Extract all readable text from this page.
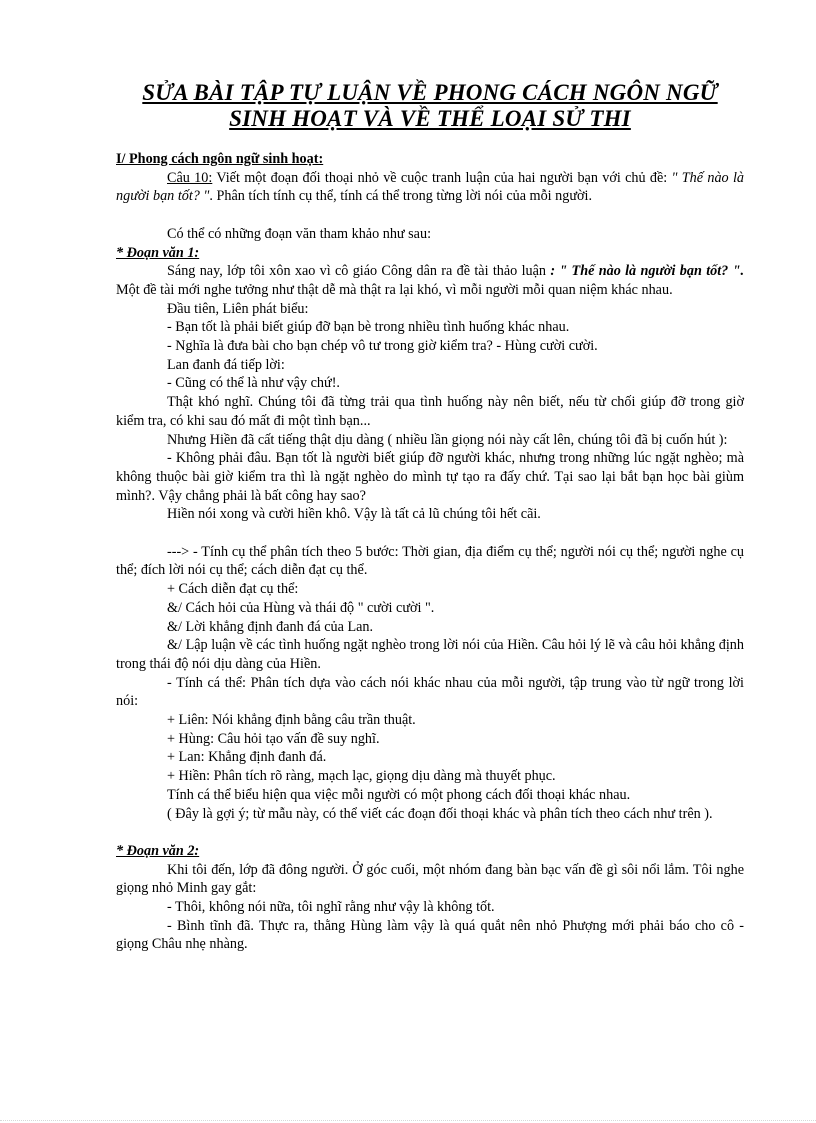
SỬA BÀI TẬP TỰ LUẬN VỀ PHONG CÁCH NGÔN NGỮ
SINH HOẠT VÀ VỀ THỂ LOẠI SỬ THI

I/ Phong cách ngôn ngữ sinh hoạt:

Câu 10: Viết một đoạn đối thoại nhỏ về cuộc tranh luận của hai người bạn với chủ đề: " Thế nào là người bạn tốt? ". Phân tích tính cụ thể, tính cá thể trong từng lời nói của mỗi người.

Có thể có những đoạn văn tham khảo như sau:

* Đoạn văn 1:

Sáng nay, lớp tôi xôn xao vì cô giáo Công dân ra đề tài thảo luận : " Thế nào là người bạn tốt? ". Một đề tài mới nghe tưởng như thật dễ mà thật ra lại khó, vì mỗi người mỗi quan niệm khác nhau.

Đầu tiên, Liên phát biểu:

- Bạn tốt là phải biết giúp đỡ bạn bè trong nhiều tình huống khác nhau.

- Nghĩa là đưa bài cho bạn chép vô tư trong giờ kiểm tra? - Hùng cười cười.

Lan đanh đá tiếp lời:

- Cũng có thể là như vậy chứ!.

Thật khó nghĩ. Chúng tôi đã từng trải qua tình huống này nên biết, nếu từ chối giúp đỡ trong giờ kiểm tra, có khi sau đó mất đi một tình bạn...

Nhưng Hiền đã cất tiếng thật dịu dàng ( nhiều lần giọng nói này cất lên, chúng tôi đã bị cuốn hút ):

- Không phải đâu. Bạn tốt là người biết giúp đỡ người khác, nhưng trong những lúc ngặt nghèo; mà không thuộc bài giờ kiểm tra thì là ngặt nghèo do mình tự tạo ra đấy chứ. Tại sao lại bắt bạn học bài giùm mình?. Vậy chẳng phải là bất công hay sao?

Hiền nói xong và cười hiền khô. Vậy là tất cả lũ chúng tôi hết cãi.

---> - Tính cụ thể phân tích theo 5 bước: Thời gian, địa điểm cụ thể; người nói cụ thể; người nghe cụ thể; đích lời nói cụ thể; cách diễn đạt cụ thể.

+ Cách diễn đạt cụ thể:

&/ Cách hỏi của Hùng và thái độ " cười cười ".

&/ Lời khẳng định đanh đá của Lan.

&/ Lập luận về các tình huống ngặt nghèo trong lời nói của Hiền. Câu hỏi lý lẽ và câu hỏi khẳng định trong thái độ nói dịu dàng của Hiền.

- Tính cá thể: Phân tích dựa vào cách nói khác nhau của mỗi người, tập trung vào từ ngữ trong lời nói:

+ Liên: Nói khẳng định bằng câu trần thuật.

+ Hùng: Câu hỏi tạo vấn đề suy nghĩ.

+ Lan: Khẳng định đanh đá.

+ Hiền: Phân tích rõ ràng, mạch lạc, giọng dịu dàng mà thuyết phục.

Tính cá thể biểu hiện qua việc mỗi người có một phong cách đối thoại khác nhau.

( Đây là gợi ý; từ mẫu này, có thể viết các đoạn đối thoại khác và phân tích theo cách như trên ).

* Đoạn văn 2:

Khi tôi đến, lớp đã đông người. Ở góc cuối, một nhóm đang bàn bạc vấn đề gì sôi nổi lắm. Tôi nghe giọng nhỏ Minh gay gắt:

- Thôi, không nói nữa, tôi nghĩ rằng như vậy là không tốt.

- Bình tĩnh đã. Thực ra, thằng Hùng làm vậy là quá quắt nên nhỏ Phượng mới phải báo cho cô - giọng Châu nhẹ nhàng.
